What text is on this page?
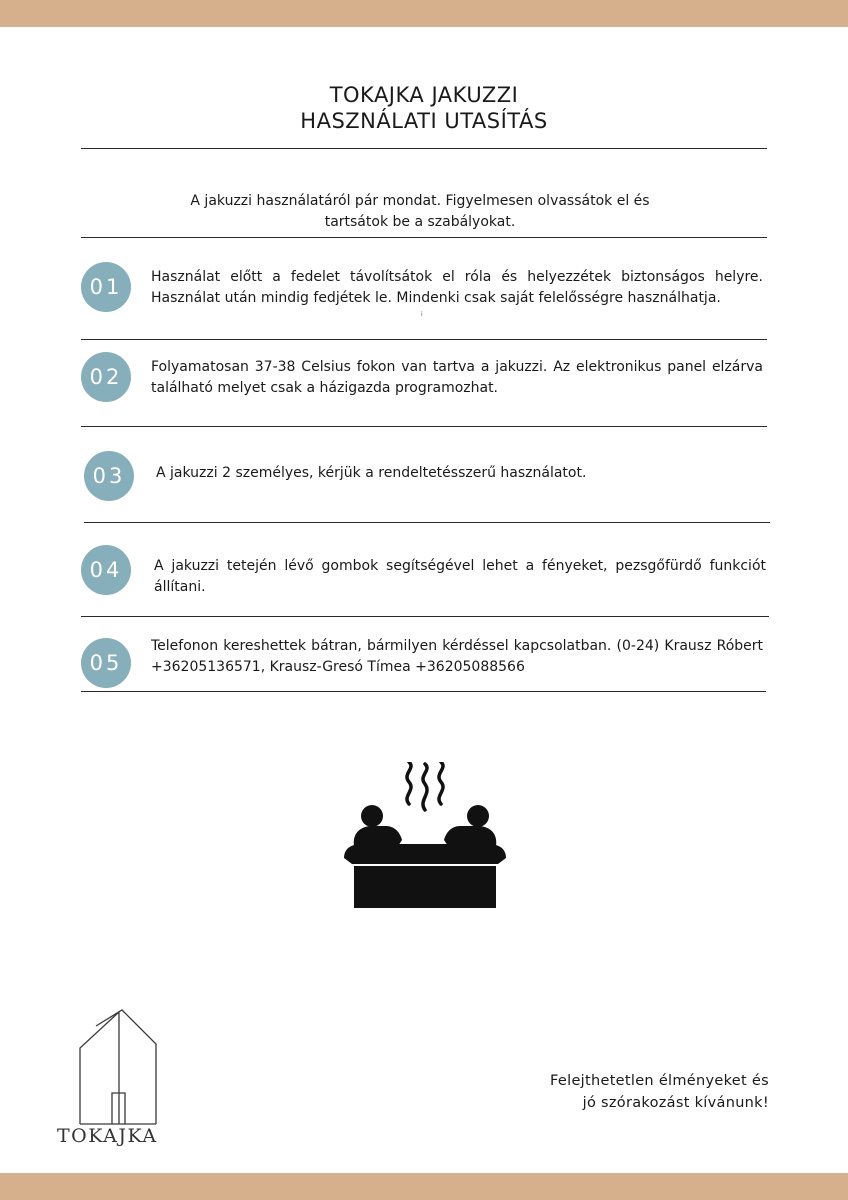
TOKAJKA JAKUZZI
HASZNÁLATI UTASÍTÁS
A jakuzzi használatáról pár mondat. Figyelmesen olvassátok el és
tartsátok be a szabályokat.
01	Használat előtt a fedelet távolítsátok el róla és helyezzétek biztonságos helyre. Használat után mindig fedjétek le. Mindenki csak saját felelősségre használhatja.
i
02	Folyamatosan 37-38 Celsius fokon van tartva a jakuzzi. Az elektronikus panel elzárva található melyet csak a házigazda programozhat.
03	A jakuzzi 2 személyes, kérjük a rendeltetésszerű használatot.
04	A jakuzzi tetején lévő gombok segítségével lehet a fényeket, pezsgőfürdő funkciót állítani.
05
Telefonon kereshettek bátran, bármilyen kérdéssel kapcsolatban. (0-24) Krausz Róbert +36205136571, Krausz-Gresó Tímea +36205088566
TOKAJKA
Felejthetetlen élményeket és
jó szórakozást kívánunk!
